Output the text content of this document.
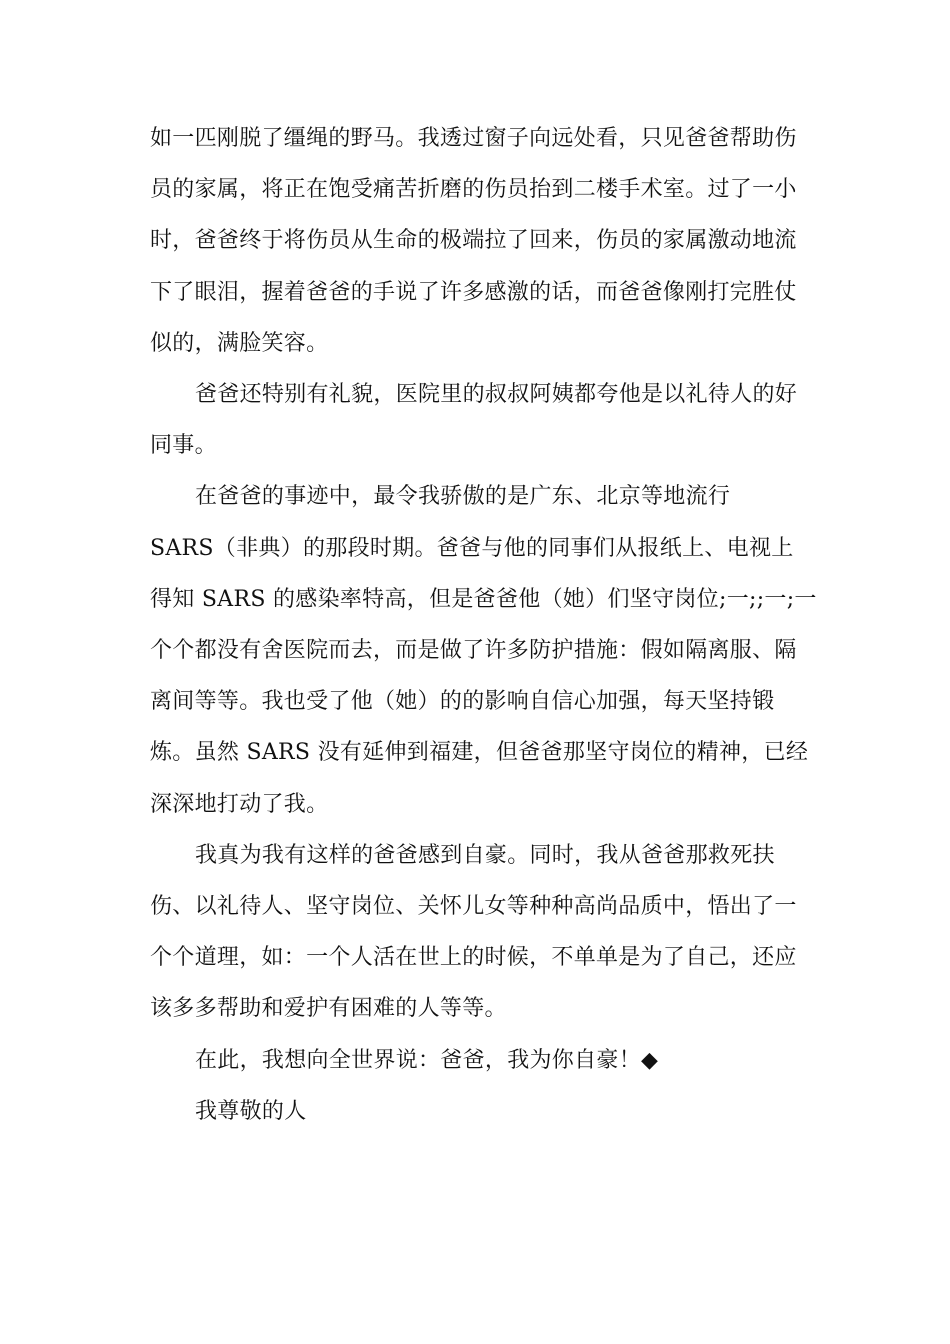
如一匹刚脱了缰绳的野马。我透过窗子向远处看，只见爸爸帮助伤
员的家属，将正在饱受痛苦折磨的伤员抬到二楼手术室。过了一小
时，爸爸终于将伤员从生命的极端拉了回来，伤员的家属激动地流
下了眼泪，握着爸爸的手说了许多感激的话，而爸爸像刚打完胜仗
似的，满脸笑容。
爸爸还特别有礼貌，医院里的叔叔阿姨都夸他是以礼待人的好
同事。
在爸爸的事迹中，最令我骄傲的是广东、北京等地流行
SARS（非典）的那段时期。爸爸与他的同事们从报纸上、电视上
得知 SARS 的感染率特高，但是爸爸他（她）们坚守岗位;一;;一;一
个个都没有舍医院而去，而是做了许多防护措施：假如隔离服、隔
离间等等。我也受了他（她）的的影响自信心加强，每天坚持锻
炼。虽然 SARS 没有延伸到福建，但爸爸那坚守岗位的精神，已经
深深地打动了我。
我真为我有这样的爸爸感到自豪。同时，我从爸爸那救死扶
伤、以礼待人、坚守岗位、关怀儿女等种种高尚品质中，悟出了一
个个道理，如：一个人活在世上的时候，不单单是为了自己，还应
该多多帮助和爱护有困难的人等等。
在此，我想向全世界说：爸爸，我为你自豪！◆
我尊敬的人
